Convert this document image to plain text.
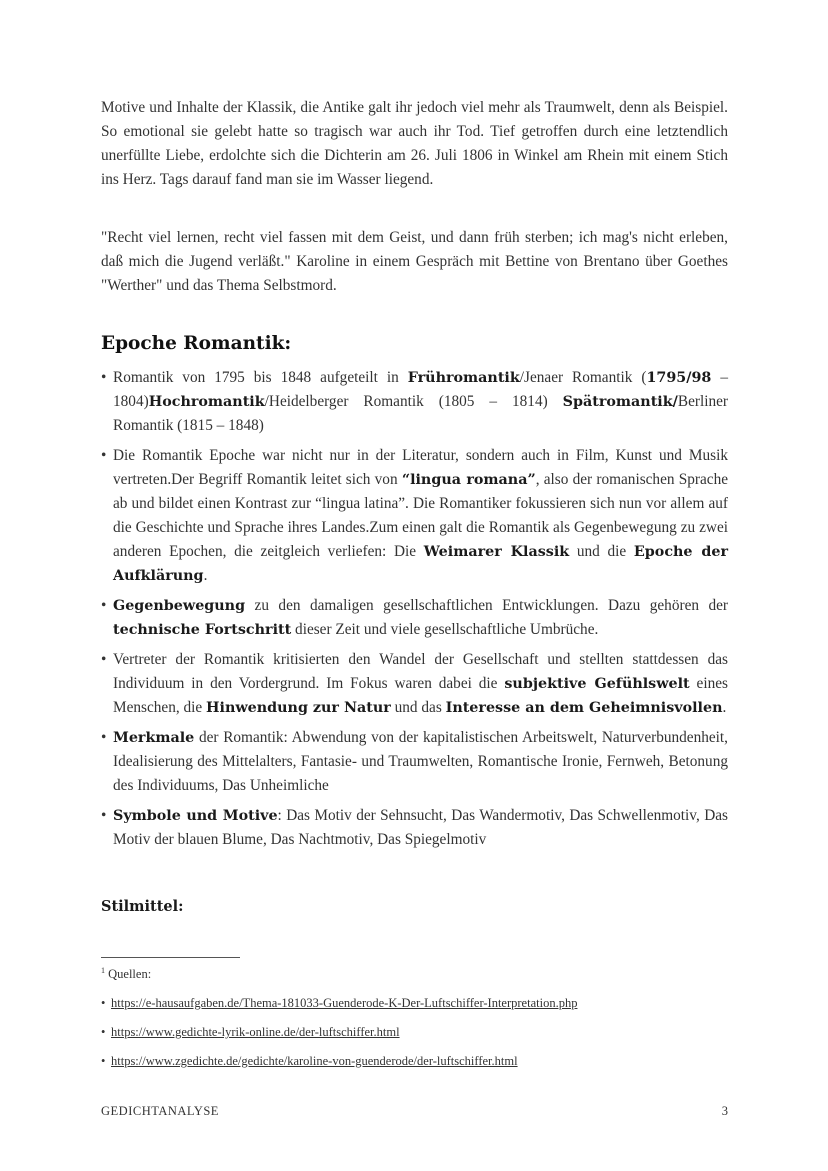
Motive und Inhalte der Klassik, die Antike galt ihr jedoch viel mehr als Traumwelt, denn als Beispiel. So emotional sie gelebt hatte so tragisch war auch ihr Tod. Tief getroffen durch eine letztendlich unerfüllte Liebe, erdolchte sich die Dichterin am 26. Juli 1806 in Winkel am Rhein mit einem Stich ins Herz. Tags darauf fand man sie im Wasser liegend.

"Recht viel lernen, recht viel fassen mit dem Geist, und dann früh sterben; ich mag's nicht erleben, daß mich die Jugend verläßt." Karoline in einem Gespräch mit Bettine von Brentano über Goethes "Werther" und das Thema Selbstmord.

Epoche Romantik:
• Romantik von 1795 bis 1848 aufgeteilt in Frühromantik/Jenaer Romantik (1795/98 – 1804)Hochromantik/Heidelberger Romantik (1805 – 1814) Spätromantik/Berliner Romantik (1815 – 1848)
• Die Romantik Epoche war nicht nur in der Literatur, sondern auch in Film, Kunst und Musik vertreten.Der Begriff Romantik leitet sich von “lingua romana”, also der romanischen Sprache ab und bildet einen Kontrast zur “lingua latina”. Die Romantiker fokussieren sich nun vor allem auf die Geschichte und Sprache ihres Landes.Zum einen galt die Romantik als Gegenbewegung zu zwei anderen Epochen, die zeitgleich verliefen: Die Weimarer Klassik und die Epoche der Aufklärung.
• Gegenbewegung zu den damaligen gesellschaftlichen Entwicklungen. Dazu gehören der technische Fortschritt dieser Zeit und viele gesellschaftliche Umbrüche.
• Vertreter der Romantik kritisierten den Wandel der Gesellschaft und stellten stattdessen das Individuum in den Vordergrund. Im Fokus waren dabei die subjektive Gefühlswelt eines Menschen, die Hinwendung zur Natur und das Interesse an dem Geheimnisvollen.
• Merkmale der Romantik: Abwendung von der kapitalistischen Arbeitswelt, Naturverbundenheit, Idealisierung des Mittelalters, Fantasie- und Traumwelten, Romantische Ironie, Fernweh, Betonung des Individuums, Das Unheimliche
• Symbole und Motive: Das Motiv der Sehnsucht, Das Wandermotiv, Das Schwellenmotiv, Das Motiv der blauen Blume, Das Nachtmotiv, Das Spiegelmotiv

Stilmittel:

$^1$ Quellen:

• https://e-hausaufgaben.de/Thema-181033-Guenderode-K-Der-Luftschiffer-Interpretation.php
• https://www.gedichte-lyrik-online.de/der-luftschiffer.html
• https://www.zgedichte.de/gedichte/karoline-von-guenderode/der-luftschiffer.html
GEDICHTANALYSE	3
